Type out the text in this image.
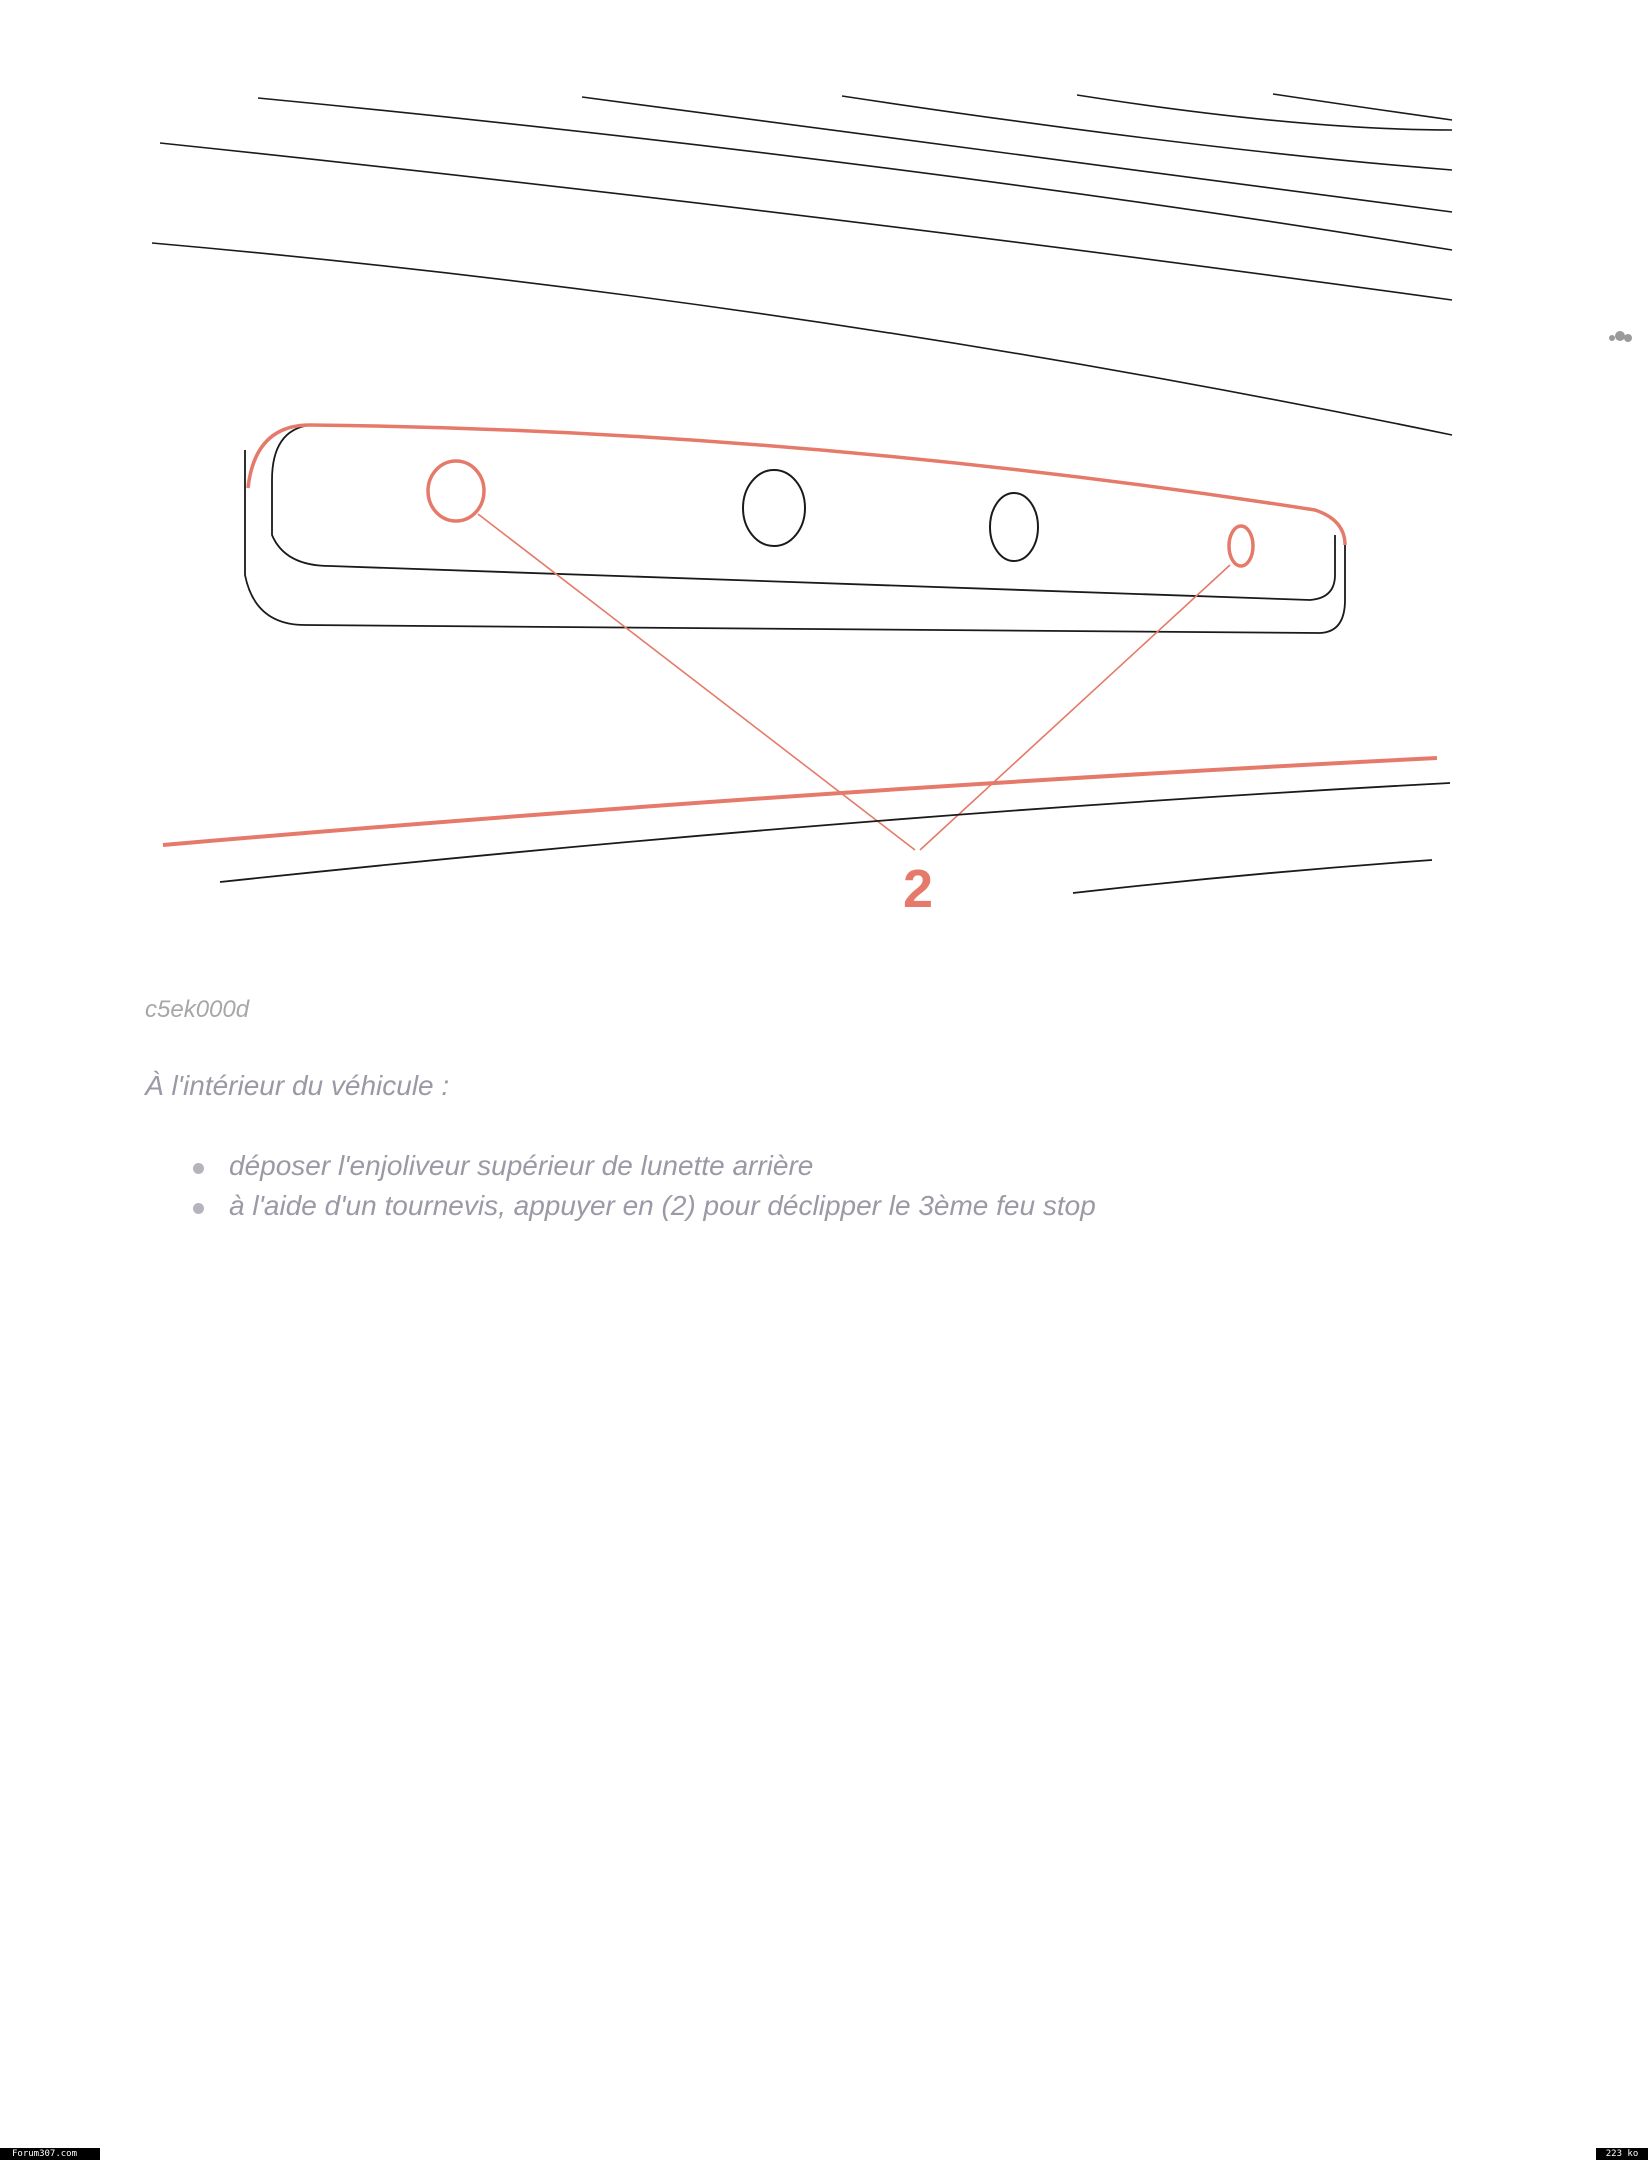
2

c5ek000d

À l'intérieur du véhicule :

déposer l'enjoliveur supérieur de lunette arrière
à l'aide d'un tournevis, appuyer en (2) pour déclipper le 3ème feu stop
Forum307.com	223 ko
